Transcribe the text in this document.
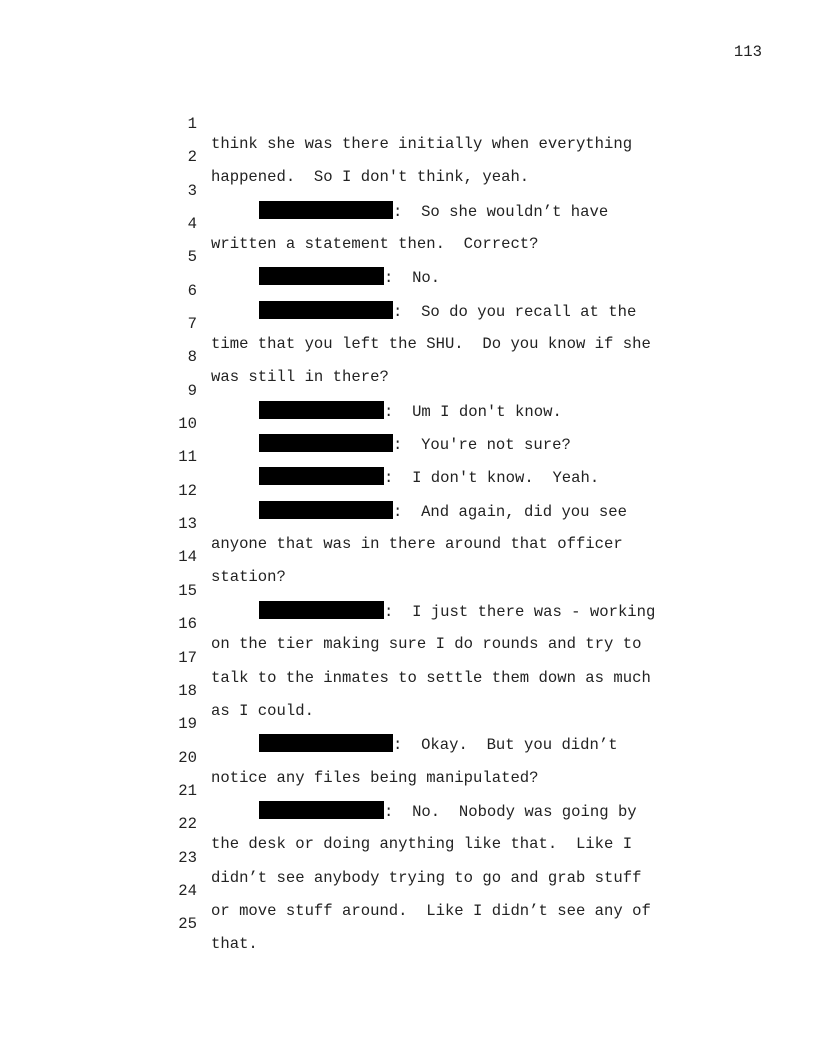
113

1

think she was there initially when everything

2

happened.  So I don't think, yeah.

3

:  So she wouldn’t have

4

written a statement then.  Correct?

5

:  No.

6

:  So do you recall at the

7

time that you left the SHU.  Do you know if she

8

was still in there?

9

:  Um I don't know.

10

:  You're not sure?

11

:  I don't know.  Yeah.

12

:  And again, did you see

13

anyone that was in there around that officer

14

station?

15

:  I just there was - working

16

on the tier making sure I do rounds and try to

17

talk to the inmates to settle them down as much

18

as I could.

19

:  Okay.  But you didn’t

20

notice any files being manipulated?

21

:  No.  Nobody was going by

22

the desk or doing anything like that.  Like I

23

didn’t see anybody trying to go and grab stuff

24

or move stuff around.  Like I didn’t see any of

25

that.
